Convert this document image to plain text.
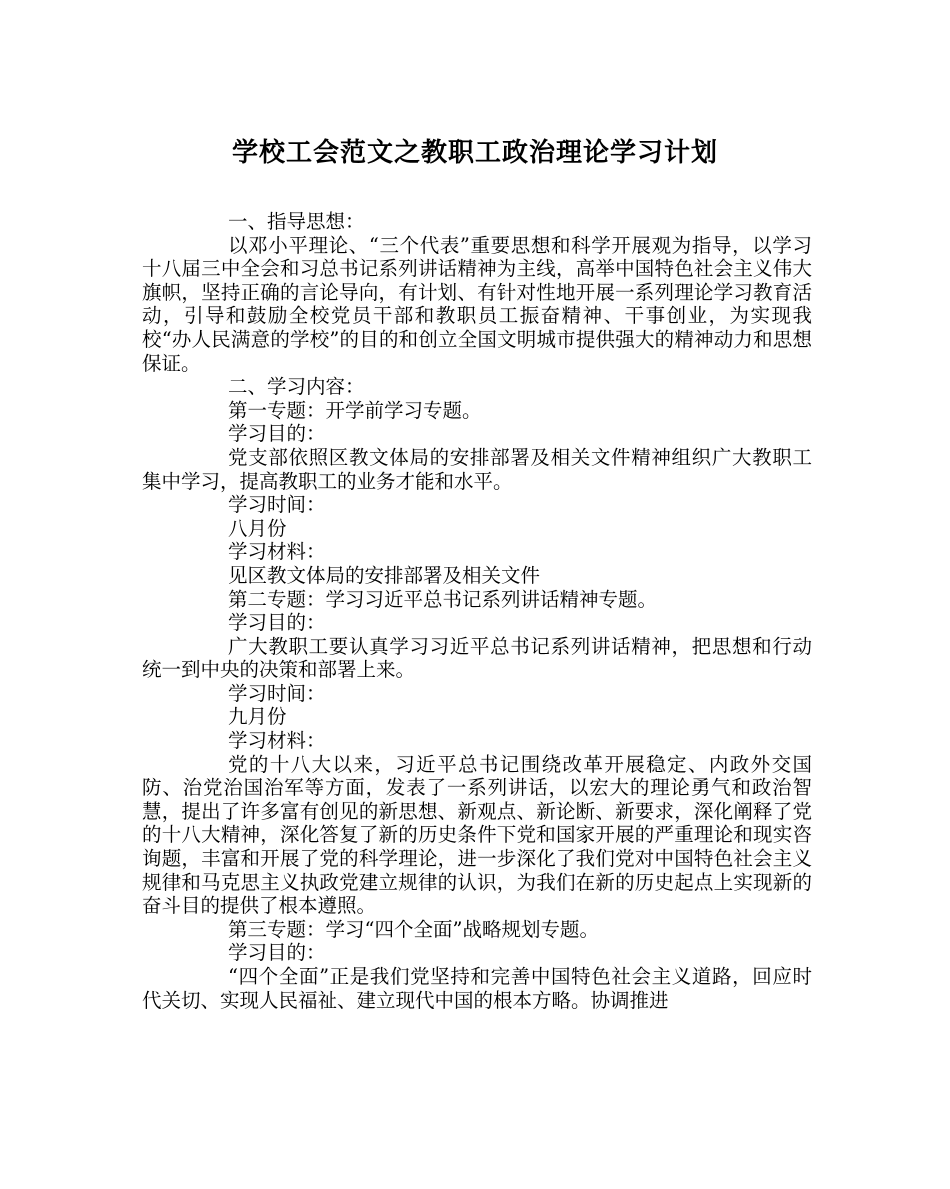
学校工会范文之教职工政治理论学习计划

一、指导思想：

以邓小平理论、“三个代表”重要思想和科学开展观为指导，以学习十八届三中全会和习总书记系列讲话精神为主线，高举中国特色社会主义伟大旗帜，坚持正确的言论导向，有计划、有针对性地开展一系列理论学习教育活动，引导和鼓励全校党员干部和教职员工振奋精神、干事创业，为实现我校“办人民满意的学校”的目的和创立全国文明城市提供强大的精神动力和思想保证。

二、学习内容：

第一专题：开学前学习专题。

学习目的：

党支部依照区教文体局的安排部署及相关文件精神组织广大教职工集中学习，提高教职工的业务才能和水平。

学习时间：

八月份

学习材料：

见区教文体局的安排部署及相关文件

第二专题：学习习近平总书记系列讲话精神专题。

学习目的：

广大教职工要认真学习习近平总书记系列讲话精神，把思想和行动统一到中央的决策和部署上来。

学习时间：

九月份

学习材料：

党的十八大以来，习近平总书记围绕改革开展稳定、内政外交国防、治党治国治军等方面，发表了一系列讲话，以宏大的理论勇气和政治智慧，提出了许多富有创见的新思想、新观点、新论断、新要求，深化阐释了党的十八大精神，深化答复了新的历史条件下党和国家开展的严重理论和现实咨询题，丰富和开展了党的科学理论，进一步深化了我们党对中国特色社会主义规律和马克思主义执政党建立规律的认识，为我们在新的历史起点上实现新的奋斗目的提供了根本遵照。

第三专题：学习“四个全面”战略规划专题。

学习目的：

“四个全面”正是我们党坚持和完善中国特色社会主义道路，回应时代关切、实现人民福祉、建立现代中国的根本方略。协调推进
